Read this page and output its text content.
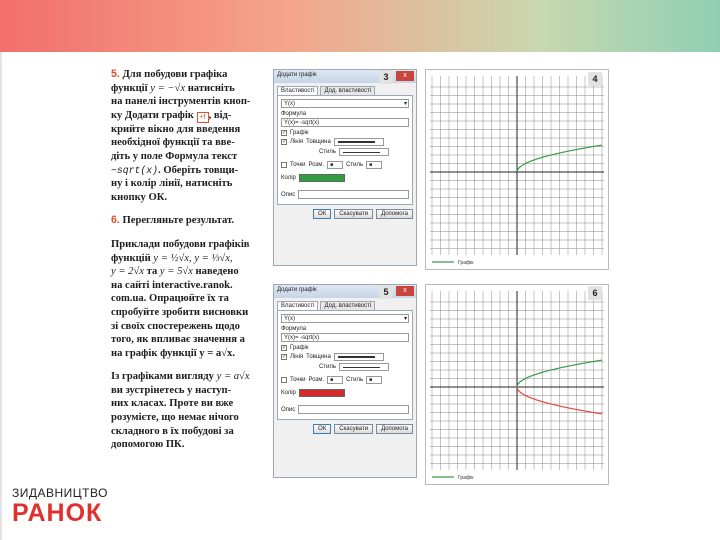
5. Для побудови графіка
функції y = −√x натисніть
на панелі інструментів кноп-
ку Додати графік +f , від-
крийте вікно для введення
необхідної функції та вве-
діть у поле Формула текст
−sqrt(x). Оберіть товщи-
ну і колір лінії, натисніть
кнопку ОК.
6. Перегляньте результат.
Приклади побудови графіків
функцій y = ½√x, y = ⅓√x,
y = 2√x та y = 5√x наведено
на сайті interactive.ranok.
com.ua. Опрацюйте їх та
спробуйте зробити висновки
зі своїх спостережень щодо
того, як впливає значення a
на графік функції y = a√x.
Із графіками вигляду y = a√x
ви зустрінетесь у наступ-
них класах. Проте ви вже
розумієте, що немає нічого
складного в їх побудові за
допомогою ПК.
Додати графік	x
Властивості	Дод. властивості
Y(x) ▾
Формула
Y(x)= -sqrt(x)
✓ Графік
✓ Лінія Товщина
Стиль
Точки Розм.	■	Стиль	■
Колір
Опис
ОК	Скасувати	Допомога
3
Додати графік	x
Властивості	Дод. властивості
Y(x) ▾
Формула
Y(x)= -sqrt(x)
✓ Графік
✓ Лінія Товщина
Стиль
Точки Розм.	■	Стиль	■
Колір
Опис
ОК	Скасувати	Допомога
5
Графік
4
Графік
6
ЗИДАВНИЦТВО
РАНОК
